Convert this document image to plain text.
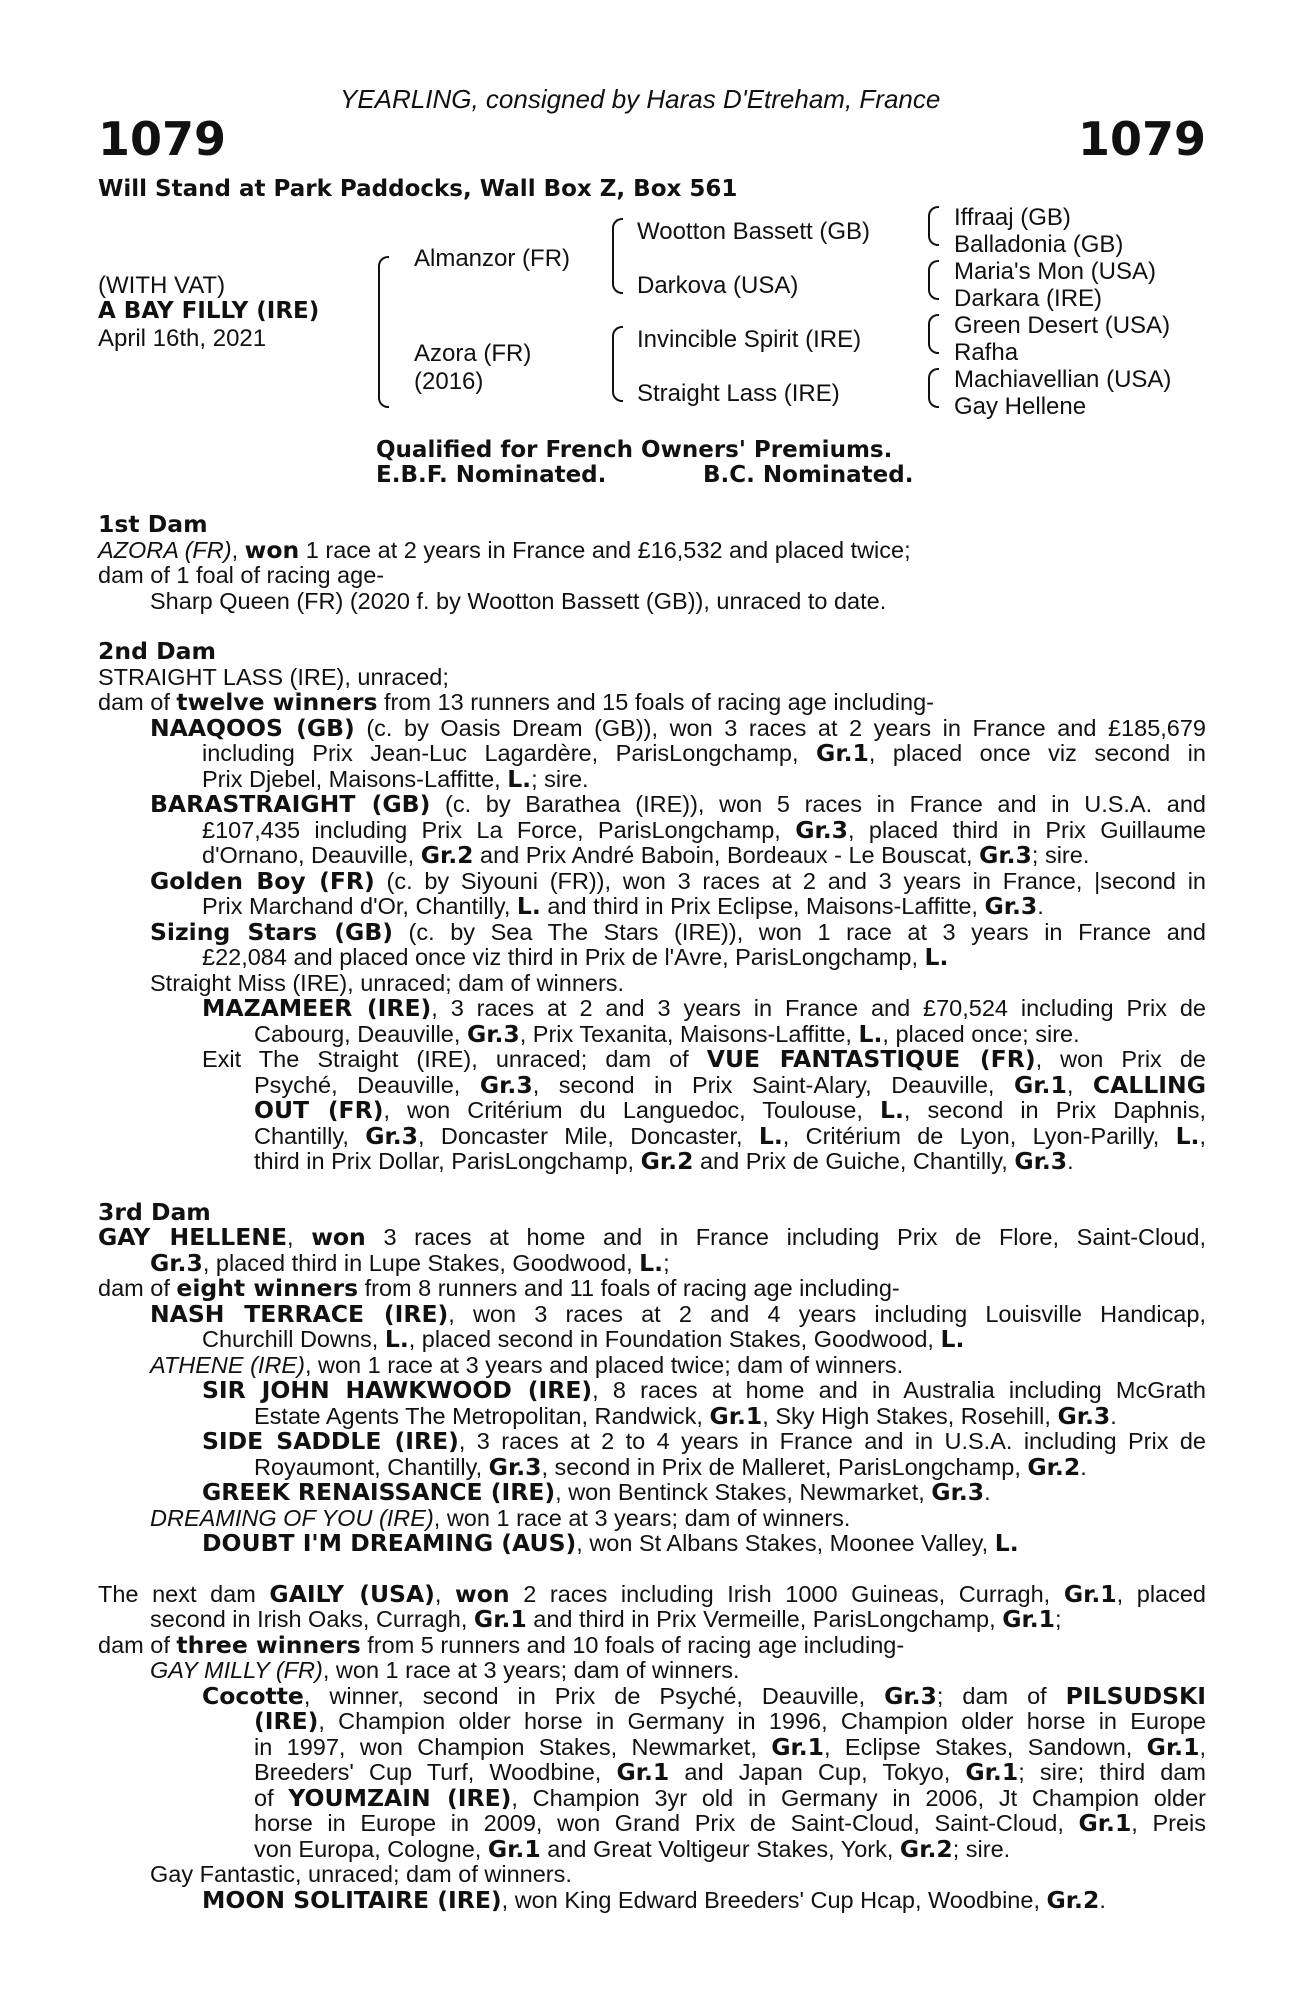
YEARLING, consigned by Haras D'Etreham, France
1079	1079
Will Stand at Park Paddocks, Wall Box Z, Box 561
(WITH VAT)
A BAY FILLY (IRE)
April 16th, 2021
Almanzor (FR)
Azora (FR)
(2016)
Wootton Bassett (GB)
Darkova (USA)
Invincible Spirit (IRE)
Straight Lass (IRE)
Iffraaj (GB)
Balladonia (GB)
Maria's Mon (USA)
Darkara (IRE)
Green Desert (USA)
Rafha
Machiavellian (USA)
Gay Hellene
Qualified for French Owners' Premiums.
E.B.F. Nominated.	B.C. Nominated.
1st Dam
AZORA (FR), won 1 race at 2 years in France and £16,532 and placed twice;
dam of 1 foal of racing age-
Sharp Queen (FR) (2020 f. by Wootton Bassett (GB)), unraced to date.
2nd Dam
STRAIGHT LASS (IRE), unraced;
dam of twelve winners from 13 runners and 15 foals of racing age including-
NAAQOOS (GB) (c. by Oasis Dream (GB)), won 3 races at 2 years in France and £185,679
including Prix Jean-Luc Lagardère, ParisLongchamp, Gr.1, placed once viz second in
Prix Djebel, Maisons-Laffitte, L.; sire.
BARASTRAIGHT (GB) (c. by Barathea (IRE)), won 5 races in France and in U.S.A. and
£107,435 including Prix La Force, ParisLongchamp, Gr.3, placed third in Prix Guillaume
d'Ornano, Deauville, Gr.2 and Prix André Baboin, Bordeaux - Le Bouscat, Gr.3; sire.
Golden Boy (FR) (c. by Siyouni (FR)), won 3 races at 2 and 3 years in France, |second in
Prix Marchand d'Or, Chantilly, L. and third in Prix Eclipse, Maisons-Laffitte, Gr.3.
Sizing Stars (GB) (c. by Sea The Stars (IRE)), won 1 race at 3 years in France and
£22,084 and placed once viz third in Prix de l'Avre, ParisLongchamp, L.
Straight Miss (IRE), unraced; dam of winners.
MAZAMEER (IRE), 3 races at 2 and 3 years in France and £70,524 including Prix de
Cabourg, Deauville, Gr.3, Prix Texanita, Maisons-Laffitte, L., placed once; sire.
Exit The Straight (IRE), unraced; dam of VUE FANTASTIQUE (FR), won Prix de
Psyché, Deauville, Gr.3, second in Prix Saint-Alary, Deauville, Gr.1, CALLING
OUT (FR), won Critérium du Languedoc, Toulouse, L., second in Prix Daphnis,
Chantilly, Gr.3, Doncaster Mile, Doncaster, L., Critérium de Lyon, Lyon-Parilly, L.,
third in Prix Dollar, ParisLongchamp, Gr.2 and Prix de Guiche, Chantilly, Gr.3.
3rd Dam
GAY HELLENE, won 3 races at home and in France including Prix de Flore, Saint-Cloud,
Gr.3, placed third in Lupe Stakes, Goodwood, L.;
dam of eight winners from 8 runners and 11 foals of racing age including-
NASH TERRACE (IRE), won 3 races at 2 and 4 years including Louisville Handicap,
Churchill Downs, L., placed second in Foundation Stakes, Goodwood, L.
ATHENE (IRE), won 1 race at 3 years and placed twice; dam of winners.
SIR JOHN HAWKWOOD (IRE), 8 races at home and in Australia including McGrath
Estate Agents The Metropolitan, Randwick, Gr.1, Sky High Stakes, Rosehill, Gr.3.
SIDE SADDLE (IRE), 3 races at 2 to 4 years in France and in U.S.A. including Prix de
Royaumont, Chantilly, Gr.3, second in Prix de Malleret, ParisLongchamp, Gr.2.
GREEK RENAISSANCE (IRE), won Bentinck Stakes, Newmarket, Gr.3.
DREAMING OF YOU (IRE), won 1 race at 3 years; dam of winners.
DOUBT I'M DREAMING (AUS), won St Albans Stakes, Moonee Valley, L.
The next dam GAILY (USA), won 2 races including Irish 1000 Guineas, Curragh, Gr.1, placed
second in Irish Oaks, Curragh, Gr.1 and third in Prix Vermeille, ParisLongchamp, Gr.1;
dam of three winners from 5 runners and 10 foals of racing age including-
GAY MILLY (FR), won 1 race at 3 years; dam of winners.
Cocotte, winner, second in Prix de Psyché, Deauville, Gr.3; dam of PILSUDSKI
(IRE), Champion older horse in Germany in 1996, Champion older horse in Europe
in 1997, won Champion Stakes, Newmarket, Gr.1, Eclipse Stakes, Sandown, Gr.1,
Breeders' Cup Turf, Woodbine, Gr.1 and Japan Cup, Tokyo, Gr.1; sire; third dam
of YOUMZAIN (IRE), Champion 3yr old in Germany in 2006, Jt Champion older
horse in Europe in 2009, won Grand Prix de Saint-Cloud, Saint-Cloud, Gr.1, Preis
von Europa, Cologne, Gr.1 and Great Voltigeur Stakes, York, Gr.2; sire.
Gay Fantastic, unraced; dam of winners.
MOON SOLITAIRE (IRE), won King Edward Breeders' Cup Hcap, Woodbine, Gr.2.
